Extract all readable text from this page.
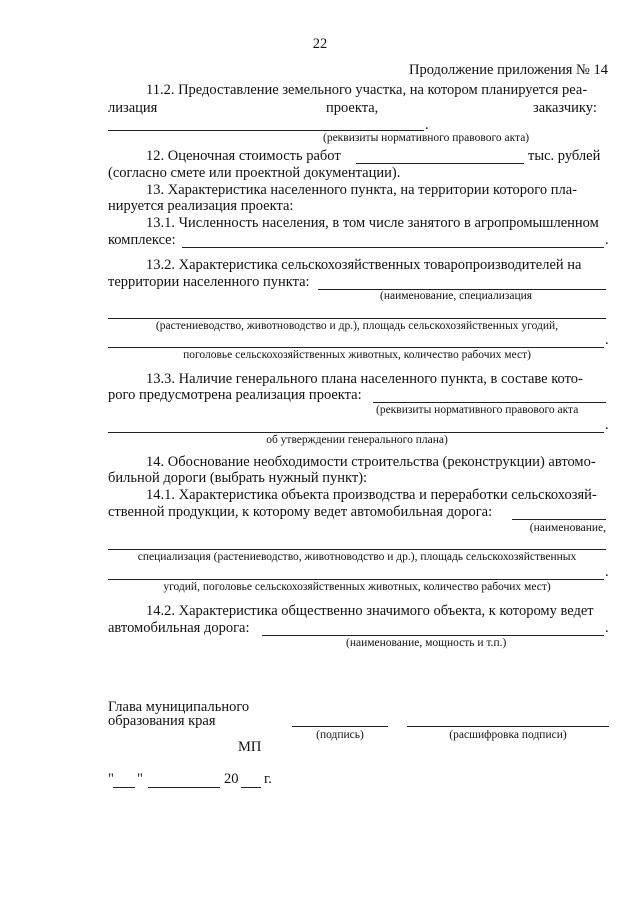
22
Продолжение приложения № 14
11.2. Предоставление земельного участка, на котором планируется реа-
лизация	проекта,	заказчику:
.
(реквизиты нормативного правового акта)
12. Оценочная стоимость работ	тыс. рублей
(согласно смете или проектной документации).
13. Характеристика населенного пункта, на территории которого пла-
нируется реализация проекта:
13.1. Численность населения, в том числе занятого в агропромышленном
комплексе:	.
13.2. Характеристика сельскохозяйственных товаропроизводителей на
территории населенного пункта:
(наименование, специализация
(растениеводство, животноводство и др.), площадь сельскохозяйственных угодий,
.
поголовье сельскохозяйственных животных, количество рабочих мест)
13.3. Наличие генерального плана населенного пункта, в составе кото-
рого предусмотрена реализация проекта:
(реквизиты нормативного правового акта
.
об утверждении генерального плана)
14. Обоснование необходимости строительства (реконструкции) автомо-
бильной дороги (выбрать нужный пункт):
14.1. Характеристика объекта производства и переработки сельскохозяй-
ственной продукции, к которому ведет автомобильная дорога:
(наименование,
специализация (растениеводство, животноводство и др.), площадь сельскохозяйственных
.
угодий, поголовье сельскохозяйственных животных, количество рабочих мест)
14.2. Характеристика общественно значимого объекта, к которому ведет
автомобильная дорога:	.
(наименование, мощность и т.п.)
Глава муниципального
образования края
(подпись)	(расшифровка подписи)
МП
" "	20 г.
